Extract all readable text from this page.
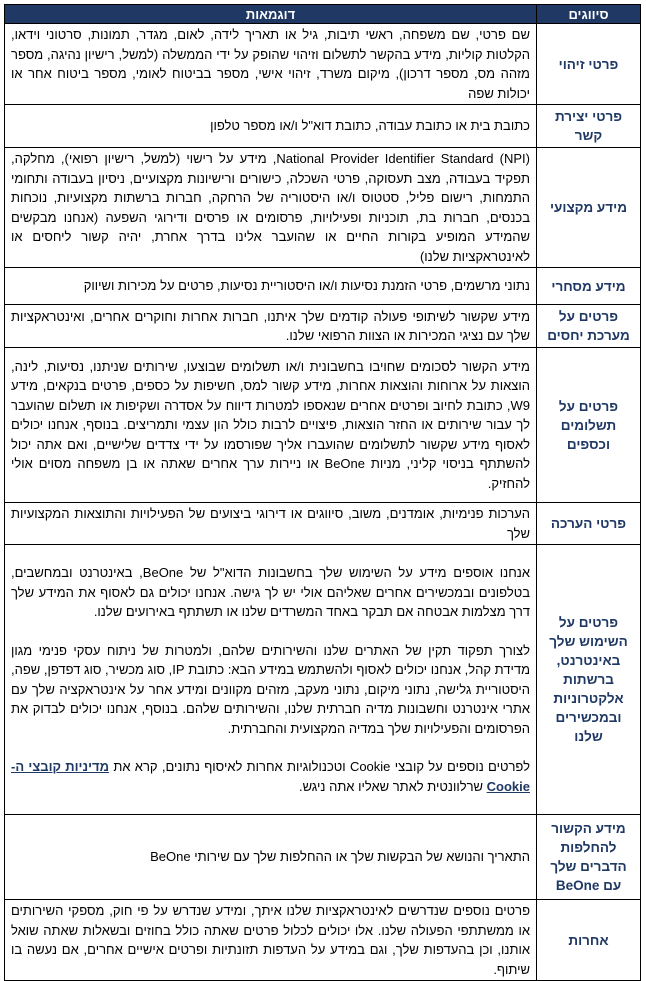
סיווגים	דוגמאות
פרטי זיהוי	שם פרטי, שם משפחה, ראשי תיבות, גיל או תאריך לידה, לאום, מגדר, תמונות, סרטוני וידאו, הקלטות קוליות, מידע בהקשר לתשלום וזיהוי שהופק על ידי הממשלה (למשל, רישיון נהיגה, מספר מזהה מס, מספר דרכון), מיקום משרד, זיהוי אישי, מספר בביטוח לאומי, מספר ביטוח אחר או יכולות שפה
פרטי יצירת קשר	כתובת בית או כתובת עבודה, כתובת דוא"ל ו/או מספר טלפון
מידע מקצועי	National Provider Identifier Standard (NPI), מידע על רישוי (למשל, רישיון רפואי), מחלקה, תפקיד בעבודה, מצב תעסוקה, פרטי השכלה, כישורים ורישיונות מקצועיים, ניסיון בעבודה ותחומי התמחות, רישום פליל, סטטוס ו/או היסטוריה של הרחקה, חברות ברשתות מקצועיות, נוכחות בכנסים, חברות בת, תוכניות ופעילויות, פרסומים או פרסים ודירוגי השפעה (אנחנו מבקשים שהמידע המופיע בקורות החיים או שהועבר אלינו בדרך אחרת, יהיה קשור ליחסים או לאינטראקציות שלנו)
מידע מסחרי	נתוני מרשמים, פרטי הזמנת נסיעות ו/או היסטוריית נסיעות, פרטים על מכירות ושיווק
פרטים על מערכת יחסים	מידע שקשור לשיתופי פעולה קודמים שלך איתנו, חברות אחרות וחוקרים אחרים, ואינטראקציות שלך עם נציגי המכירות או הצוות הרפואי שלנו.
פרטים על תשלומים וכספים	מידע הקשור לסכומים שחויבו בחשבונית ו/או תשלומים שבוצעו, שירותים שניתנו, נסיעות, לינה, הוצאות על ארוחות והוצאות אחרות, מידע קשור למס, חשיפות על כספים, פרטים בנקאים, מידע W9, כתובת לחיוב ופרטים אחרים שנאספו למטרות דיווח על אסדרה ושקיפות או תשלום שהועבר לך עבור שירותים או החזר הוצאות, פיצויים לרבות כולל הון עצמי ותמריצים. בנוסף, אנחנו יכולים לאסוף מידע שקשור לתשלומים שהועברו אליך שפורסמו על ידי צדדים שלישיים, ואם אתה יכול להשתתף בניסוי קליני, מניות BeOne או ניירות ערך אחרים שאתה או בן משפחה מסוים אולי להחזיק.
פרטי הערכה	הערכות פנימיות, אומדנים, משוב, סיווגים או דירוגי ביצועים של הפעילויות והתוצאות המקצועיות שלך
פרטים על השימוש שלך באינטרנט, ברשתות אלקטרוניות ובמכשירים שלנו	אנחנו אוספים מידע על השימוש שלך בחשבונות הדוא"ל של BeOne, באינטרנט ובמחשבים, בטלפונים ובמכשירים אחרים שאליהם אולי יש לך גישה. אנחנו יכולים גם לאסוף את המידע שלך דרך מצלמות אבטחה אם תבקר באחד המשרדים שלנו או תשתתף באירועים שלנו.

לצורך תפקוד תקין של האתרים שלנו והשירותים שלהם, ולמטרות של ניתוח עסקי פנימי מגון מדידת קהל, אנחנו יכולים לאסוף ולהשתמש במידע הבא: כתובת IP, סוג מכשיר, סוג דפדפן, שפה, היסטוריית גלישה, נתוני מיקום, נתוני מעקב, מזהים מקוונים ומידע אחר על אינטראקציה שלך עם אתרי אינטרנט וחשבונות מדיה חברתית שלנו, והשירותים שלהם. בנוסף, אנחנו יכולים לבדוק את הפרסומים והפעילויות שלך במדיה המקצועית והחברתית.

לפרטים נוספים על קובצי Cookie וטכנולוגיות אחרות לאיסוף נתונים, קרא את מדיניות קובצי ה-Cookie שרלוונטית לאתר שאליו אתה ניגש.

מידע הקשור להחלפות הדברים שלך עם BeOne	התאריך והנושא של הבקשות שלך או ההחלפות שלך עם שירותי BeOne
אחרות	פרטים נוספים שנדרשים לאינטראקציות שלנו איתך, ומידע שנדרש על פי חוק, מספקי השירותים או ממשתתפי הפעולה שלנו. אלו יכולים לכלול פרטים שאתה כולל בחוזים ובשאלות שאתה שואל אותנו, וכן בהעדפות שלך, וגם במידע על העדפות תזונתיות ופרטים אישיים אחרים, אם נעשה בו שיתוף.
